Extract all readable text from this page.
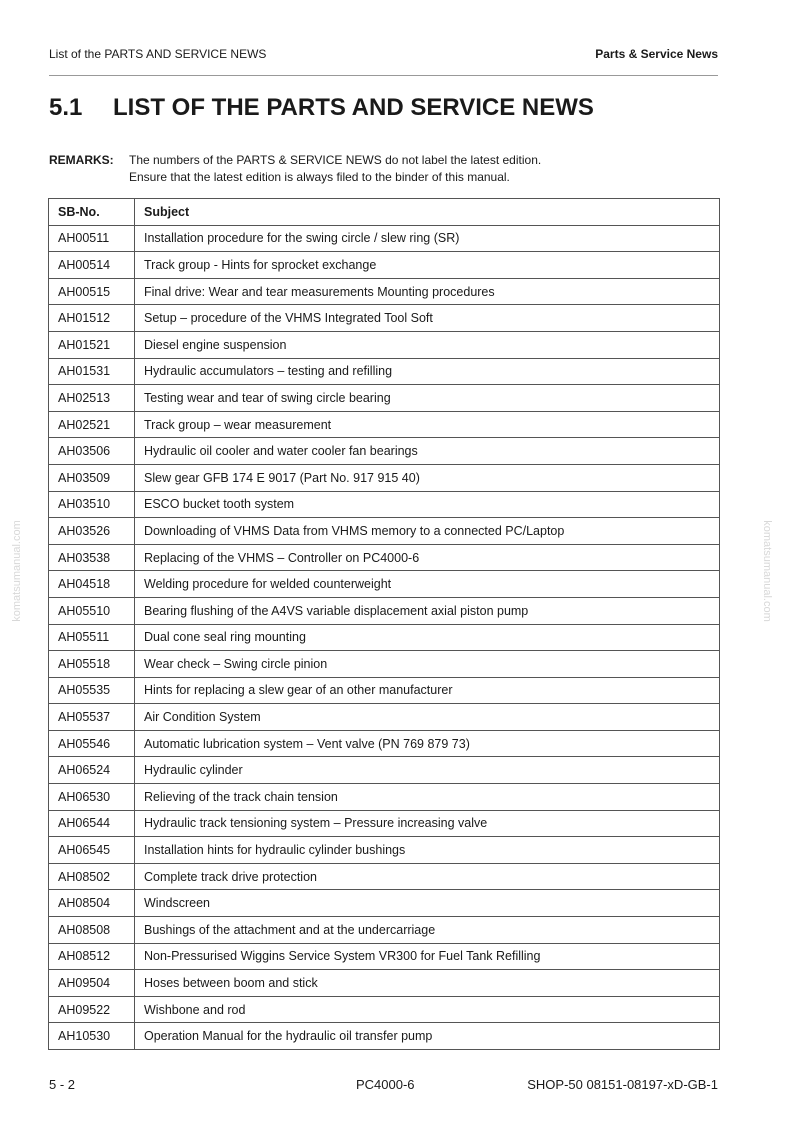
List of the PARTS AND SERVICE NEWS	Parts & Service News
5.1 LIST OF THE PARTS AND SERVICE NEWS
REMARKS: The numbers of the PARTS & SERVICE NEWS do not label the latest edition.
Ensure that the latest edition is always filed to the binder of this manual.
SB-No.	Subject
AH00511	Installation procedure for the swing circle / slew ring (SR)
AH00514	Track group - Hints for sprocket exchange
AH00515	Final drive: Wear and tear measurements Mounting procedures
AH01512	Setup – procedure of the VHMS Integrated Tool Soft
AH01521	Diesel engine suspension
AH01531	Hydraulic accumulators – testing and refilling
AH02513	Testing wear and tear of swing circle bearing
AH02521	Track group – wear measurement
AH03506	Hydraulic oil cooler and water cooler fan bearings
AH03509	Slew gear GFB 174 E 9017 (Part No. 917 915 40)
AH03510	ESCO bucket tooth system
AH03526	Downloading of VHMS Data from VHMS memory to a connected PC/Laptop
AH03538	Replacing of the VHMS – Controller on PC4000-6
AH04518	Welding procedure for welded counterweight
AH05510	Bearing flushing of the A4VS variable displacement axial piston pump
AH05511	Dual cone seal ring mounting
AH05518	Wear check – Swing circle pinion
AH05535	Hints for replacing a slew gear of an other manufacturer
AH05537	Air Condition System
AH05546	Automatic lubrication system – Vent valve (PN 769 879 73)
AH06524	Hydraulic cylinder
AH06530	Relieving of the track chain tension
AH06544	Hydraulic track tensioning system – Pressure increasing valve
AH06545	Installation hints for hydraulic cylinder bushings
AH08502	Complete track drive protection
AH08504	Windscreen
AH08508	Bushings of the attachment and at the undercarriage
AH08512	Non-Pressurised Wiggins Service System VR300 for Fuel Tank Refilling
AH09504	Hoses between boom and stick
AH09522	Wishbone and rod
AH10530	Operation Manual for the hydraulic oil transfer pump
5 - 2	PC4000-6	SHOP-50 08151-08197-xD-GB-1
komatsumanual.com	komatsumanual.com
